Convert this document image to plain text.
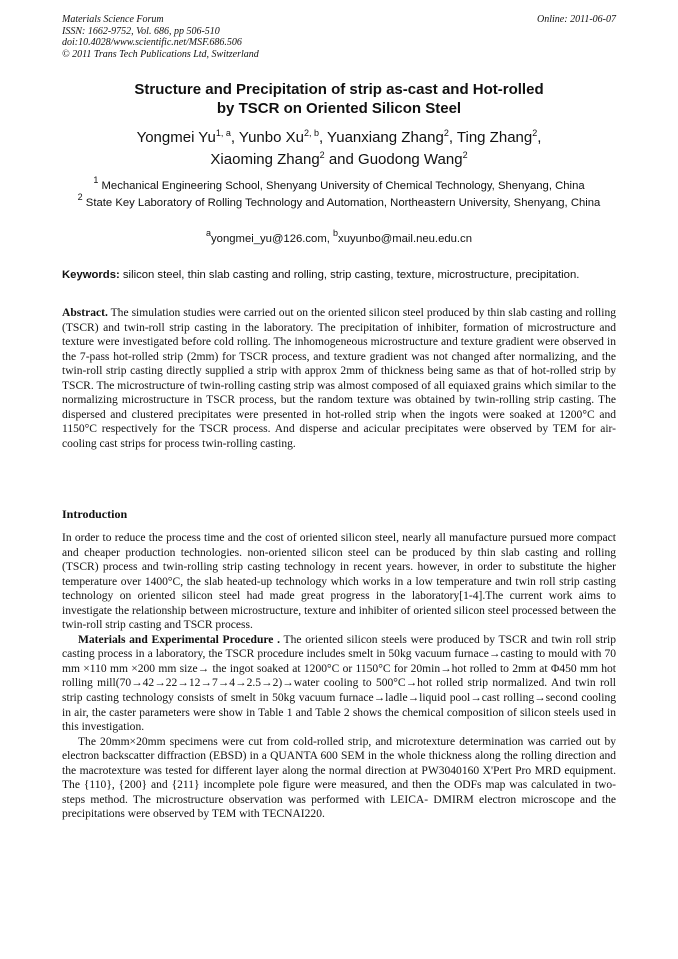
Materials Science Forum
ISSN: 1662-9752, Vol. 686, pp 506-510
doi:10.4028/www.scientific.net/MSF.686.506
© 2011 Trans Tech Publications Ltd, Switzerland
Online: 2011-06-07
Structure and Precipitation of strip as-cast and Hot-rolled
by TSCR on Oriented Silicon Steel
Yongmei Yu$^{1, a}$, Yunbo Xu$^{2, b}$, Yuanxiang Zhang$^2$, Ting Zhang$^2$,
Xiaoming Zhang$^2$ and Guodong Wang$^2$
$^1$ Mechanical Engineering School, Shenyang University of Chemical Technology, Shenyang, China
$^2$ State Key Laboratory of Rolling Technology and Automation, Northeastern University, Shenyang, China
$^a$yongmei_yu@126.com, $^b$xuyunbo@mail.neu.edu.cn
Keywords: silicon steel, thin slab casting and rolling, strip casting, texture, microstructure, precipitation.
Abstract. The simulation studies were carried out on the oriented silicon steel produced by thin slab casting and rolling (TSCR) and twin-roll strip casting in the laboratory. The precipitation of inhibiter, formation of microstructure and texture were investigated before cold rolling. The inhomogeneous microstructure and texture gradient were observed in the 7-pass hot-rolled strip (2mm) for TSCR process, and texture gradient was not changed after normalizing, and the twin-roll strip casting directly supplied a strip with approx 2mm of thickness being same as that of hot-rolled strip by TSCR. The microstructure of twin-rolling casting strip was almost composed of all equiaxed grains which similar to the normalizing microstructure in TSCR process, but the random texture was obtained by twin-rolling strip casting. The dispersed and clustered precipitates were presented in hot-rolled strip when the ingots were soaked at 1200°C and 1150°C respectively for the TSCR process. And disperse and acicular precipitates were observed by TEM for air-cooling cast strips for process twin-rolling casting.
Introduction

In order to reduce the process time and the cost of oriented silicon steel, nearly all manufacture pursued more compact and cheaper production technologies. non-oriented silicon steel can be produced by thin slab casting and rolling (TSCR) process and twin-rolling strip casting technology in recent years. however, in order to substitute the higher temperature over 1400°C, the slab heated-up technology which works in a low temperature and twin roll strip casting technology on oriented silicon steel had made great progress in the laboratory[1-4].The current work aims to investigate the relationship between microstructure, texture and inhibiter of oriented silicon steel processed between the twin-roll strip casting and TSCR process.

Materials and Experimental Procedure . The oriented silicon steels were produced by TSCR and twin roll strip casting process in a laboratory, the TSCR procedure includes smelt in 50kg vacuum furnace→casting to mould with 70 mm ×110 mm ×200 mm size→ the ingot soaked at 1200°C or 1150°C for 20min→hot rolled to 2mm at Φ450 mm hot rolling mill(70→42→22→12→7→4→2.5→2)→water cooling to 500°C→hot rolled strip normalized. And twin roll strip casting technology consists of smelt in 50kg vacuum furnace→ladle→liquid pool→cast rolling→second cooling in air, the caster parameters were show in Table 1 and Table 2 shows the chemical composition of silicon steels used in this investigation.

The 20mm×20mm specimens were cut from cold-rolled strip, and microtexture determination was carried out by electron backscatter diffraction (EBSD) in a QUANTA 600 SEM in the whole thickness along the rolling direction and the macrotexture was tested for different layer along the normal direction at PW3040160 X'Pert Pro MRD equipment. The {110}, {200} and {211} incomplete pole figure were measured, and then the ODFs map was calculated in two-steps method. The microstructure observation was performed with LEICA- DMIRM electron microscope and the precipitations were observed by TEM with TECNAI220.
